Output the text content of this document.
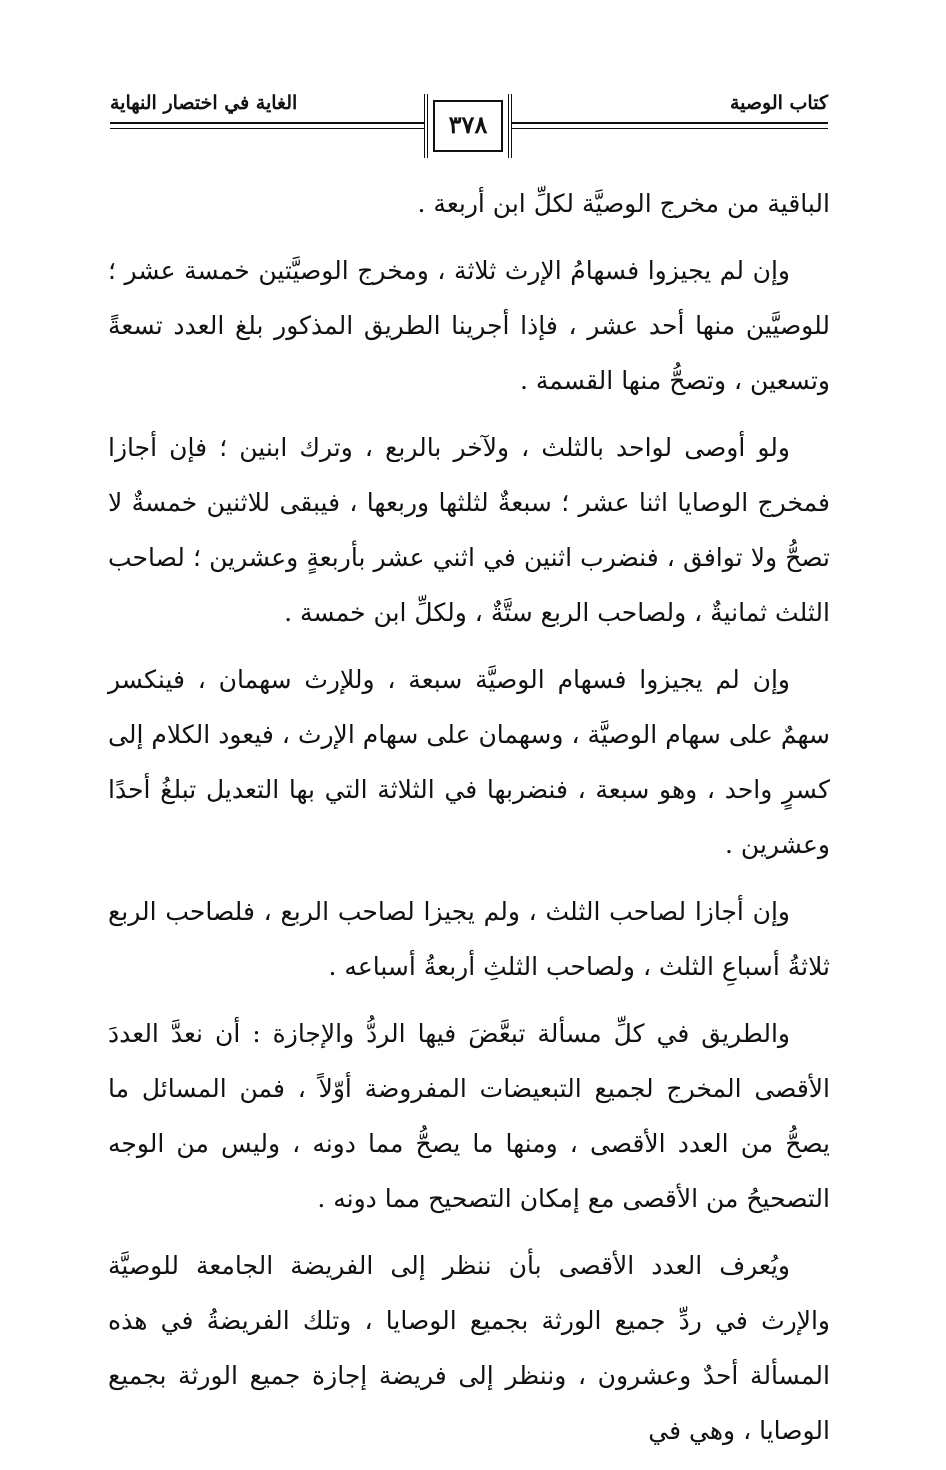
كتاب الوصية
الغاية في اختصار النهاية
٣٧٨

الباقية من مخرج الوصيَّة لكلِّ ابن أربعة .

وإن لم يجيزوا فسهامُ الإرث ثلاثة ، ومخرج الوصيَّتين خمسة عشر ؛ للوصيَّين منها أحد عشر ، فإذا أجرينا الطريق المذكور بلغ العدد تسعةً وتسعين ، وتصحُّ منها القسمة .

ولو أوصى لواحد بالثلث ، ولآخر بالربع ، وترك ابنين ؛ فإن أجازا فمخرج الوصايا اثنا عشر ؛ سبعةٌ لثلثها وربعها ، فيبقى للاثنين خمسةٌ لا تصحُّ ولا توافق ، فنضرب اثنين في اثني عشر بأربعةٍ وعشرين ؛ لصاحب الثلث ثمانيةٌ ، ولصاحب الربع ستَّةٌ ، ولكلِّ ابن خمسة .

وإن لم يجيزوا فسهام الوصيَّة سبعة ، وللإرث سهمان ، فينكسر سهمٌ على سهام الوصيَّة ، وسهمان على سهام الإرث ، فيعود الكلام إلى كسرٍ واحد ، وهو سبعة ، فنضربها في الثلاثة التي بها التعديل تبلغُ أحدًا وعشرين .

وإن أجازا لصاحب الثلث ، ولم يجيزا لصاحب الربع ، فلصاحب الربع ثلاثةُ أسباعِ الثلث ، ولصاحب الثلثِ أربعةُ أسباعه .

والطريق في كلِّ مسألة تبعَّضَ فيها الردُّ والإجازة : أن نعدَّ العددَ الأقصى المخرج لجميع التبعيضات المفروضة أوّلاً ، فمن المسائل ما يصحُّ من العدد الأقصى ، ومنها ما يصحُّ مما دونه ، وليس من الوجه التصحيحُ من الأقصى مع إمكان التصحيح مما دونه .

ويُعرف العدد الأقصى بأن ننظر إلى الفريضة الجامعة للوصيَّة والإرث في ردِّ جميع الورثة بجميع الوصايا ، وتلك الفريضةُ في هذه المسألة أحدٌ وعشرون ، وننظر إلى فريضة إجازة جميع الورثة بجميع الوصايا ، وهي في
